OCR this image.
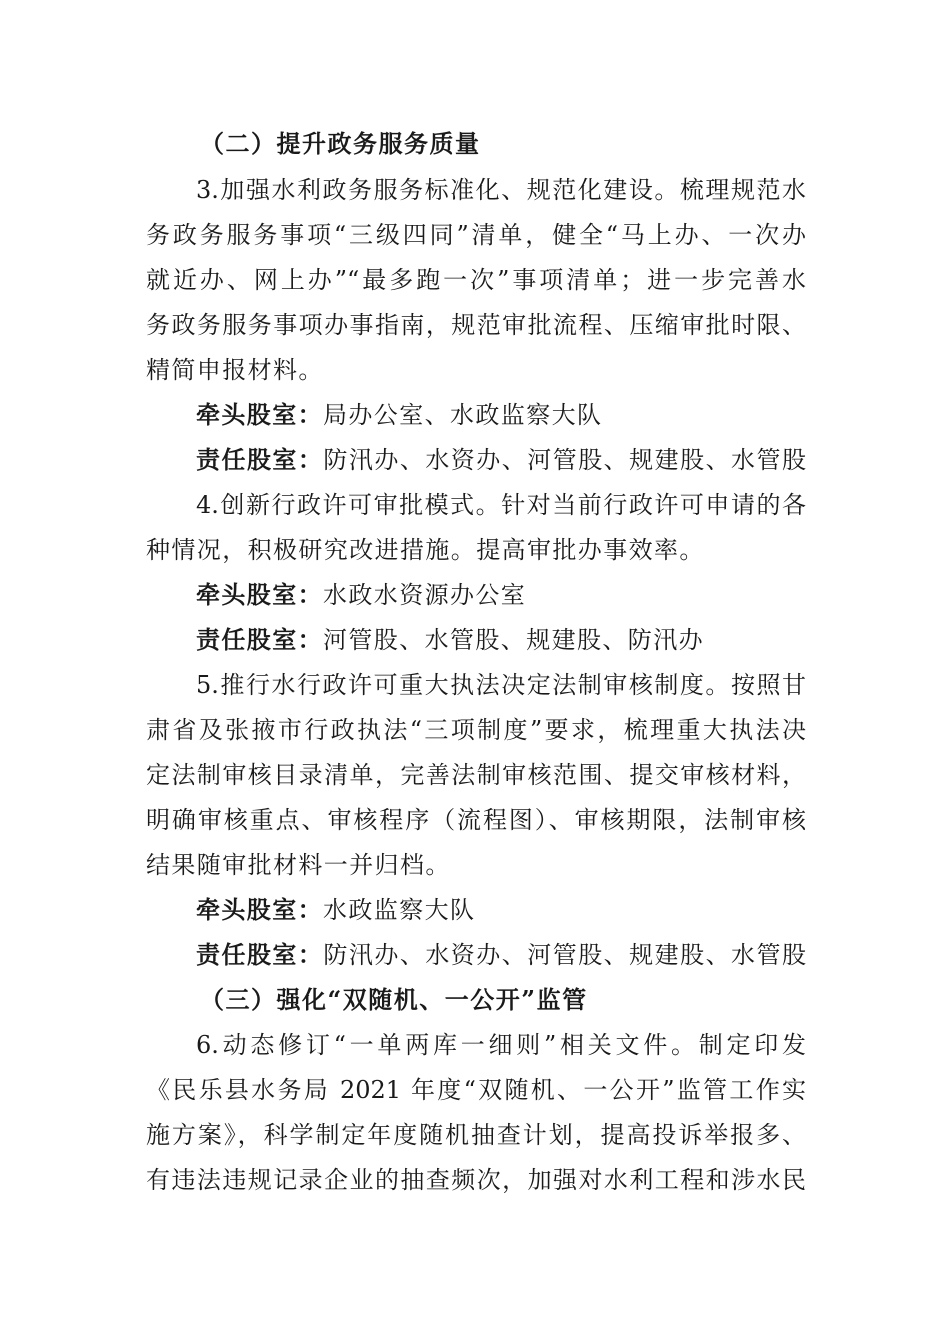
（二）提升政务服务质量
3.加强水利政务服务标准化、规范化建设。梳理规范水
务政务服务事项“三级四同”清单，健全“马上办、一次办
就近办、网上办”“最多跑一次”事项清单；进一步完善水
务政务服务事项办事指南，规范审批流程、压缩审批时限、
精简申报材料。
牵头股室：局办公室、水政监察大队
责任股室：防汛办、水资办、河管股、规建股、水管股
4.创新行政许可审批模式。针对当前行政许可申请的各
种情况，积极研究改进措施。提高审批办事效率。
牵头股室：水政水资源办公室
责任股室：河管股、水管股、规建股、防汛办
5.推行水行政许可重大执法决定法制审核制度。按照甘
肃省及张掖市行政执法“三项制度”要求，梳理重大执法决
定法制审核目录清单，完善法制审核范围、提交审核材料，
明确审核重点、审核程序（流程图）、审核期限，法制审核
结果随审批材料一并归档。
牵头股室：水政监察大队
责任股室：防汛办、水资办、河管股、规建股、水管股
（三）强化“双随机、一公开”监管
6.动态修订“一单两库一细则”相关文件。制定印发
《民乐县水务局 2021 年度“双随机、一公开”监管工作实
施方案》，科学制定年度随机抽查计划，提高投诉举报多、
有违法违规记录企业的抽查频次，加强对水利工程和涉水民
